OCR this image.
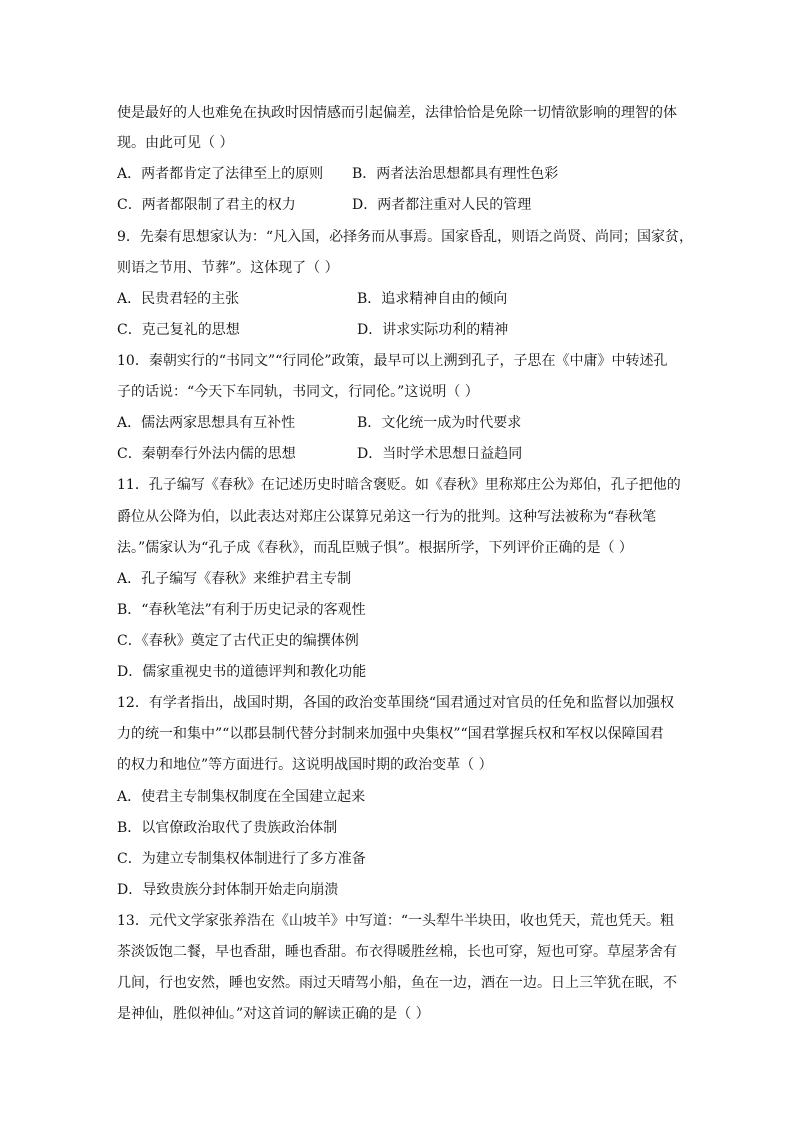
使是最好的人也难免在执政时因情感而引起偏差，法律恰恰是免除一切情欲影响的理智的体
现。由此可见（ ）
A．两者都肯定了法律至上的原则 B．两者法治思想都具有理性色彩
C．两者都限制了君主的权力	D．两者都注重对人民的管理
9．先秦有思想家认为：“凡入国，必择务而从事焉。国家昏乱，则语之尚贤、尚同；国家贫，
则语之节用、节葬”。这体现了（ ）
A．民贵君轻的主张	B．追求精神自由的倾向
C．克己复礼的思想	D．讲求实际功利的精神
10．秦朝实行的“书同文”“行同伦”政策，最早可以上溯到孔子，子思在《中庸》中转述孔
子的话说：“今天下车同轨，书同文，行同伦。”这说明（ ）
A．儒法两家思想具有互补性	B．文化统一成为时代要求
C．秦朝奉行外法内儒的思想	D．当时学术思想日益趋同
11．孔子编写《春秋》在记述历史时暗含褒贬。如《春秋》里称郑庄公为郑伯，孔子把他的
爵位从公降为伯，以此表达对郑庄公谋算兄弟这一行为的批判。这种写法被称为“春秋笔
法。”儒家认为“孔子成《春秋》，而乱臣贼子惧”。根据所学，下列评价正确的是（ ）
A．孔子编写《春秋》来维护君主专制
B．“春秋笔法”有利于历史记录的客观性
C．《春秋》奠定了古代正史的编撰体例
D．儒家重视史书的道德评判和教化功能
12．有学者指出，战国时期，各国的政治变革围绕“国君通过对官员的任免和监督以加强权
力的统一和集中”“以郡县制代替分封制来加强中央集权”“国君掌握兵权和军权以保障国君
的权力和地位”等方面进行。这说明战国时期的政治变革（ ）
A．使君主专制集权制度在全国建立起来
B．以官僚政治取代了贵族政治体制
C．为建立专制集权体制进行了多方准备
D．导致贵族分封体制开始走向崩溃
13．元代文学家张养浩在《山坡羊》中写道：“一头犁牛半块田，收也凭天，荒也凭天。粗
茶淡饭饱二餐，早也香甜，睡也香甜。布衣得暖胜丝棉，长也可穿，短也可穿。草屋茅舍有
几间，行也安然，睡也安然。雨过天晴驾小船，鱼在一边，酒在一边。日上三竿犹在眠，不
是神仙，胜似神仙。”对这首词的解读正确的是（ ）
